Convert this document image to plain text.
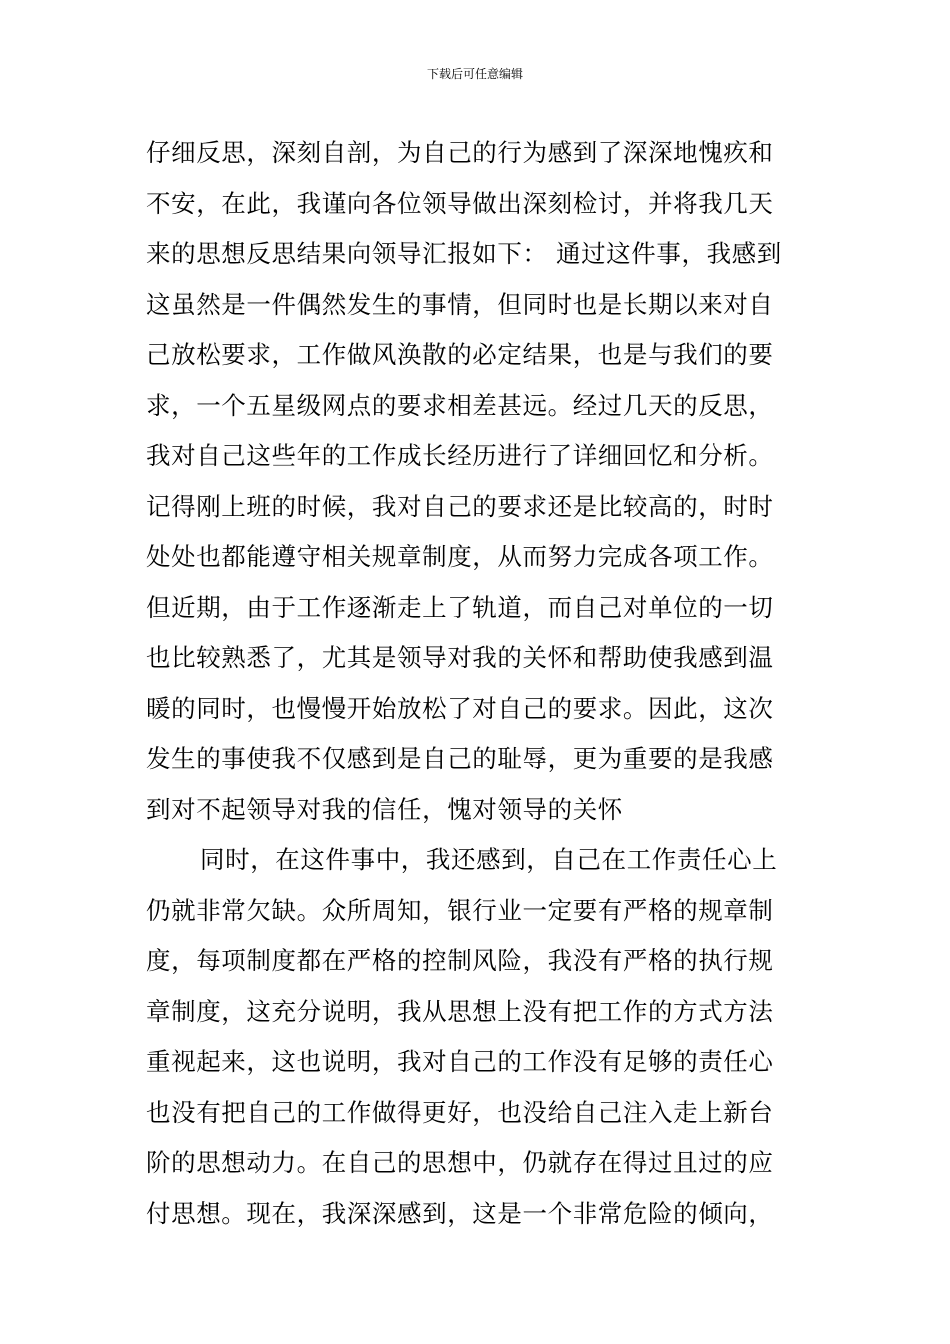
下载后可任意编辑
仔细反思，深刻自剖，为自己的行为感到了深深地愧疚和
不安，在此，我谨向各位领导做出深刻检讨，并将我几天
来的思想反思结果向领导汇报如下： 通过这件事，我感到
这虽然是一件偶然发生的事情，但同时也是长期以来对自
己放松要求，工作做风涣散的必定结果，也是与我们的要
求，一个五星级网点的要求相差甚远。经过几天的反思，
我对自己这些年的工作成长经历进行了详细回忆和分析。
记得刚上班的时候，我对自己的要求还是比较高的，时时
处处也都能遵守相关规章制度，从而努力完成各项工作。
但近期，由于工作逐渐走上了轨道，而自己对单位的一切
也比较熟悉了，尤其是领导对我的关怀和帮助使我感到温
暖的同时，也慢慢开始放松了对自己的要求。因此，这次
发生的事使我不仅感到是自己的耻辱，更为重要的是我感
到对不起领导对我的信任，愧对领导的关怀
同时，在这件事中，我还感到，自己在工作责任心上
仍就非常欠缺。众所周知，银行业一定要有严格的规章制
度，每项制度都在严格的控制风险，我没有严格的执行规
章制度，这充分说明，我从思想上没有把工作的方式方法
重视起来，这也说明，我对自己的工作没有足够的责任心
也没有把自己的工作做得更好，也没给自己注入走上新台
阶的思想动力。在自己的思想中，仍就存在得过且过的应
付思想。现在，我深深感到，这是一个非常危险的倾向，
